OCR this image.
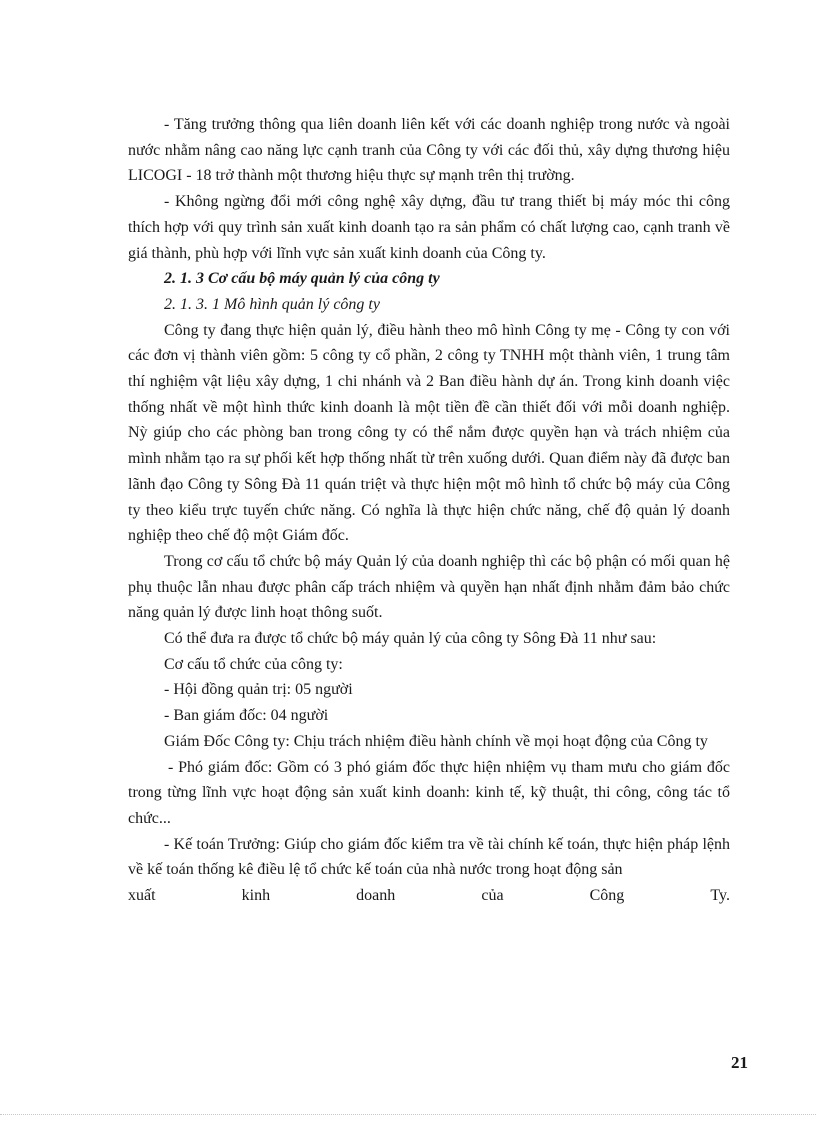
- Tăng trưởng thông qua liên doanh liên kết với các doanh nghiệp trong nước và ngoài nước nhằm nâng cao năng lực cạnh tranh của Công ty với các đối thủ, xây dựng thương hiệu LICOGI - 18 trở thành một thương hiệu thực sự mạnh trên thị trường.

- Không ngừng đổi mới công nghệ xây dựng, đầu tư trang thiết bị máy móc thi công thích hợp với quy trình sản xuất kinh doanh tạo ra sản phẩm có chất lượng cao, cạnh tranh về giá thành, phù hợp với lĩnh vực sản xuất kinh doanh của Công ty.

2. 1. 3 Cơ cấu bộ máy quản lý của công ty

2. 1. 3. 1 Mô hình quản lý công ty

Công ty đang thực hiện quản lý, điều hành theo mô hình Công ty mẹ - Công ty con với các đơn vị thành viên gồm: 5 công ty cổ phần, 2 công ty TNHH một thành viên, 1 trung tâm thí nghiệm vật liệu xây dựng, 1 chi nhánh và 2 Ban điều hành dự án. Trong kinh doanh việc thống nhất về một hình thức kinh doanh là một tiền đề cần thiết đối với mỗi doanh nghiệp. Nỳ giúp cho các phòng ban trong công ty có thể nắm được quyền hạn và trách nhiệm của mình nhằm tạo ra sự phối kết hợp thống nhất từ trên xuống dưới. Quan điểm này đã được ban lãnh đạo Công ty Sông Đà 11 quán triệt và thực hiện một mô hình tổ chức bộ máy của Công ty theo kiểu trực tuyến chức năng. Có nghĩa là thực hiện chức năng, chế độ quản lý doanh nghiệp theo chế độ một Giám đốc.

Trong cơ cấu tổ chức bộ máy Quản lý của doanh nghiệp thì các bộ phận có mối quan hệ phụ thuộc lẫn nhau được phân cấp trách nhiệm và quyền hạn nhất định nhằm đảm bảo chức năng quản lý được linh hoạt thông suốt.

Có thể đưa ra được tổ chức bộ máy quản lý của công ty Sông Đà 11 như sau:

Cơ cấu tổ chức của công ty:

- Hội đồng quản trị: 05 người

- Ban giám đốc: 04 người

Giám Đốc Công ty: Chịu trách nhiệm điều hành chính về mọi hoạt động của Công ty

- Phó giám đốc: Gồm có 3 phó giám đốc thực hiện nhiệm vụ tham mưu cho giám đốc trong từng lĩnh vực hoạt động sản xuất kinh doanh: kinh tế, kỹ thuật, thi công, công tác tổ chức...

- Kế toán Trưởng: Giúp cho giám đốc kiểm tra về tài chính kế toán, thực hiện pháp lệnh về kế toán thống kê điều lệ tổ chức kế toán của nhà nước trong hoạt động sản

xuất	kinh	doanh	của	Công	Ty.
21
